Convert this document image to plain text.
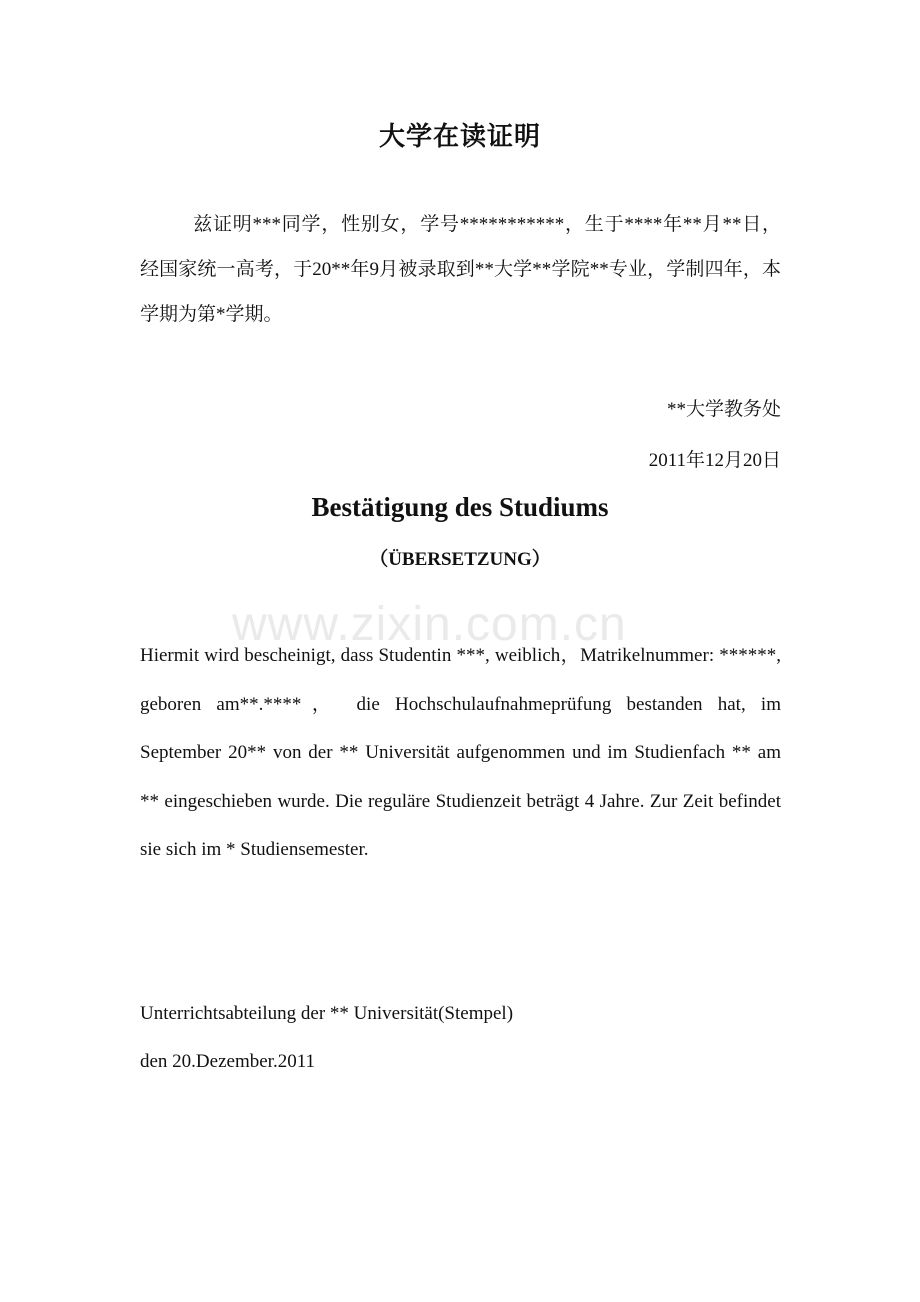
大学在读证明
兹证明***同学，性别女，学号***********，生于****年**月**日，经国家统一高考，于20**年9月被录取到**大学**学院**专业，学制四年，本学期为第*学期。
**大学教务处
2011年12月20日
Bestätigung des Studiums
（ÜBERSETZUNG）
www.zixin.com.cn
Hiermit wird bescheinigt, dass Studentin ***, weiblich，Matrikelnummer: ******, geboren am**.****， die Hochschulaufnahmeprüfung bestanden hat, im September 20** von der ** Universität aufgenommen und im Studienfach ** am ** eingeschieben wurde. Die reguläre Studienzeit beträgt 4 Jahre. Zur Zeit befindet sie sich im * Studiensemester.
Unterrichtsabteilung der ** Universität(Stempel)
den 20.Dezember.2011
